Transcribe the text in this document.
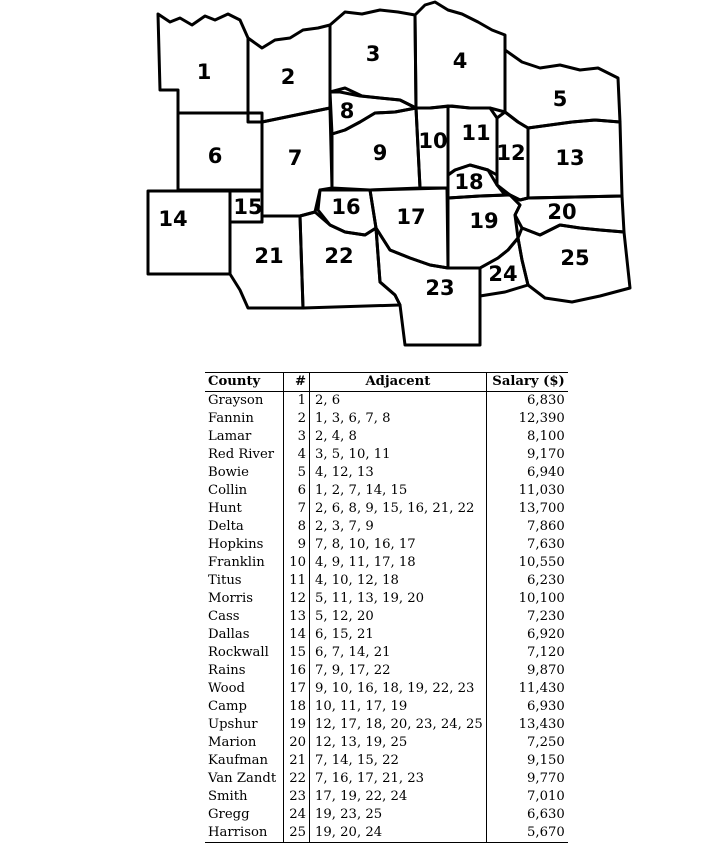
1	2
3	4
5
6	7
8
9 10 11
12 13
14 15	16 17
18
19 20
21 22
23
24
25
County	#	Adjacent	Salary ($)
Grayson	1	2, 6	6,830
Fannin	2	1, 3, 6, 7, 8	12,390
Lamar	3	2, 4, 8	8,100
Red River	4	3, 5, 10, 11	9,170
Bowie	5	4, 12, 13	6,940
Collin	6	1, 2, 7, 14, 15	11,030
Hunt	7	2, 6, 8, 9, 15, 16, 21, 22	13,700
Delta	8	2, 3, 7, 9	7,860
Hopkins	9	7, 8, 10, 16, 17	7,630
Franklin	10	4, 9, 11, 17, 18	10,550
Titus	11	4, 10, 12, 18	6,230
Morris	12	5, 11, 13, 19, 20	10,100
Cass	13	5, 12, 20	7,230
Dallas	14	6, 15, 21	6,920
Rockwall	15	6, 7, 14, 21	7,120
Rains	16	7, 9, 17, 22	9,870
Wood	17	9, 10, 16, 18, 19, 22, 23	11,430
Camp	18	10, 11, 17, 19	6,930
Upshur	19	12, 17, 18, 20, 23, 24, 25	13,430
Marion	20	12, 13, 19, 25	7,250
Kaufman	21	7, 14, 15, 22	9,150
Van Zandt	22	7, 16, 17, 21, 23	9,770
Smith	23	17, 19, 22, 24	7,010
Gregg	24	19, 23, 25	6,630
Harrison	25	19, 20, 24	5,670
